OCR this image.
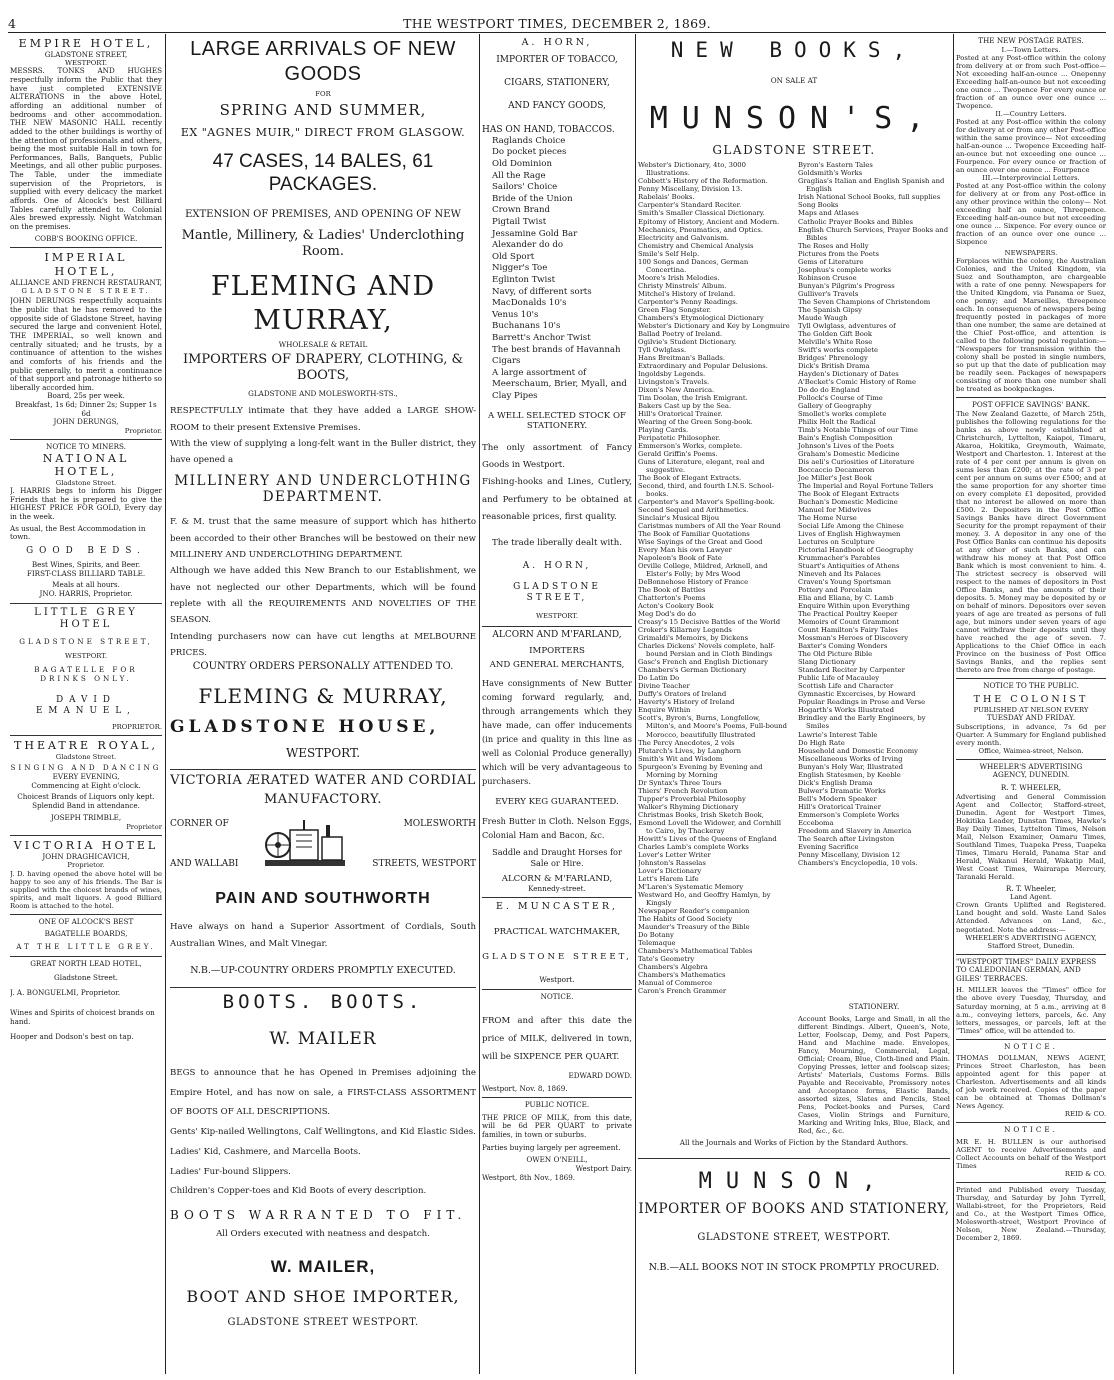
4	THE WESTPORT TIMES, DECEMBER 2, 1869.
EMPIRE HOTEL,
GLADSTONE STREET,
WESTPORT.
MESSRS. TONKS AND HUGHES respectfully inform the Public that they have just completed EXTENSIVE ALTERATIONS in the above Hotel, affording an additional number of bedrooms and other accommodation. THE NEW MASONIC HALL recently added to the other buildings is worthy of the attention of professionals and others, being the most suitable Hall in town for Performances, Balls, Banquets, Public Meetings, and all other public purposes. The Table, under the immediate supervision of the Proprietors, is supplied with every delicacy the market affords. One of Alcock's best Billiard Tables carefully attended to. Colonial Ales brewed expressly. Night Watchman on the premises.
COBB'S BOOKING OFFICE.
IMPERIAL HOTEL,
ALLIANCE AND FRENCH RESTAURANT,
GLADSTONE STREET.
JOHN DERUNGS respectfully acquaints the public that he has removed to the opposite side of Gladstone Street, having secured the large and convenient Hotel, THE IMPERIAL, so well known and centrally situated; and he trusts, by a continuance of attention to the wishes and comforts of his friends and the public generally, to merit a continuance of that support and patronage hitherto so liberally accorded him.
Board, 25s per week.
Breakfast, 1s 6d; Dinner 2s; Supper 1s 6d
JOHN DERUNGS,
Proprietor.
NOTICE TO MINERS.
NATIONAL HOTEL,
Gladstone Street.
J. HARRIS begs to inform his Digger Friends that he is prepared to give the HIGHEST PRICE FOR GOLD, Every day in the week.
As usual, the Best Accommodation in town.
GOOD BEDS.
Best Wines, Spirits, and Beer.
FIRST-CLASS BILLIARD TABLE.
Meals at all hours.
JNO. HARRIS, Proprietor.
LITTLE GREY HOTEL
GLADSTONE STREET,
WESTPORT.
BAGATELLE FOR DRINKS ONLY.
DAVID EMANUEL,
PROPRIETOR.
THEATRE ROYAL,
Gladstone Street.
SINGING AND DANCING
EVERY EVENING,
Commencing at Eight o'clock.
Choicest Brands of Liquors only kept. Splendid Band in attendance.
JOSEPH TRIMBLE,
Proprietor
VICTORIA HOTEL
JOHN DRAGHICAVICH,
Proprietor.
J. D. having opened the above hotel will be happy to see any of his friends. The Bar is supplied with the choicest brands of wines, spirits, and malt liquors. A good Billiard Room is attached to the hotel.
ONE OF ALCOCK'S BEST
BAGATELLE BOARDS,
AT THE LITTLE GREY.
GREAT NORTH LEAD HOTEL,
Gladstone Street.
J. A. BONGUELMI, Proprietor.
Wines and Spirits of choicest brands on hand.
Hooper and Dodson's best on tap.
LARGE ARRIVALS OF NEW GOODS
FOR
SPRING AND SUMMER,
EX "AGNES MUIR," DIRECT FROM GLASGOW.
47 CASES, 14 BALES, 61 PACKAGES.
EXTENSION OF PREMISES, AND OPENING OF NEW
Mantle, Millinery, & Ladies' Underclothing Room.
FLEMING AND MURRAY,
WHOLESALE & RETAIL
IMPORTERS OF DRAPERY, CLOTHING, & BOOTS,
GLADSTONE AND MOLESWORTH-STS.,
RESPECTFULLY intimate that they have added a LARGE SHOW-ROOM to their present Extensive Premises.
With the view of supplying a long-felt want in the Buller district, they have opened a
MILLINERY AND UNDERCLOTHING
DEPARTMENT.
F. & M. trust that the same measure of support which has hitherto been accorded to their other Branches will be bestowed on their new MILLINERY AND UNDERCLOTHING DEPARTMENT.
Although we have added this New Branch to our Establishment, we have not neglected our other Departments, which will be found replete with all the REQUIREMENTS AND NOVELTIES OF THE SEASON.
Intending purchasers now can have cut lengths at MELBOURNE PRICES.
COUNTRY ORDERS PERSONALLY ATTENDED TO.
FLEMING & MURRAY,
GLADSTONE HOUSE,
WESTPORT.
VICTORIA ÆRATED WATER AND CORDIAL
MANUFACTORY.
CORNER OF
AND WALLABI
MOLESWORTH
STREETS, WESTPORT
PAIN AND SOUTHWORTH
Have always on hand a Superior Assortment of Cordials, South Australian Wines, and Malt Vinegar.
N.B.—UP-COUNTRY ORDERS PROMPTLY EXECUTED.
BOOTS. BOOTS.
W. MAILER
BEGS to announce that he has Opened in Premises adjoining the Empire Hotel, and has now on sale, a FIRST-CLASS ASSORTMENT OF BOOTS OF ALL DESCRIPTIONS.
Gents' Kip-nailed Wellingtons, Calf Wellingtons, and Kid Elastic Sides.
Ladies' Kid, Cashmere, and Marcella Boots.
Ladies' Fur-bound Slippers.
Children's Copper-toes and Kid Boots of every description.
BOOTS WARRANTED TO FIT.
All Orders executed with neatness and despatch.
W. MAILER,
BOOT AND SHOE IMPORTER,
GLADSTONE STREET WESTPORT.
A. HORN,
IMPORTER OF TOBACCO,
CIGARS, STATIONERY,
AND FANCY GOODS,
HAS ON HAND, TOBACCOS.
Raglands Choice
Do pocket pieces
Old Dominion
All the Rage
Sailors' Choice
Bride of the Union
Crown Brand
Pigtail Twist
Jessamine Gold Bar
Alexander do do
Old Sport
Nigger's Toe
Eglinton Twist
Navy, of different sorts
MacDonalds 10's
Venus 10's
Buchanans 10's
Barrett's Anchor Twist
The best brands of Havannah Cigars
A large assortment of Meerschaum, Brier, Myall, and Clay Pipes
A WELL SELECTED STOCK OF STATIONERY.
The only assortment of Fancy Goods in Westport.
Fishing-hooks and Lines, Cutlery, and Perfumery to be obtained at reasonable prices, first quality.
The trade liberally dealt with.
A. HORN,
GLADSTONE STREET,
WESTPORT.
ALCORN AND M'FARLAND,
IMPORTERS
AND GENERAL MERCHANTS,
Have consignments of New Butter coming forward regularly, and, through arrangements which they have made, can offer inducements (in price and quality in this line as well as Colonial Produce generally) which will be very advantageous to purchasers.
EVERY KEG GUARANTEED.
Fresh Butter in Cloth. Nelson Eggs, Colonial Ham and Bacon, &c.
Saddle and Draught Horses for Sale or Hire.
ALCORN & M'FARLAND,
Kennedy-street.
E. MUNCASTER,
PRACTICAL WATCHMAKER,
GLADSTONE STREET,
Westport.
NOTICE.
FROM and after this date the price of MILK, delivered in town, will be SIXPENCE PER QUART.
EDWARD DOWD.
Westport, Nov. 8, 1869.
PUBLIC NOTICE.
THE PRICE OF MILK, from this date, will be 6d PER QUART to private families, in town or suburbs.
Parties buying largely per agreement.
OWEN O'NEILL,
Westport Dairy.
Westport, 8th Nov., 1869.
NEW BOOKS,
ON SALE AT
MUNSON'S,
GLADSTONE STREET.
Webster's Dictionary, 4to, 3000 Illustrations.
Cobbett's History of the Reformation.
Penny Miscellany, Division 13.
Rabelais' Books.
Carpenter's Standard Reciter.
Smith's Smaller Classical Dictionary.
Epitomy of History, Ancient and Modern.
Mechanics, Pneumatics, and Optics.
Electricity and Galvanism.
Chemistry and Chemical Analysis
Smile's Self Help.
100 Songs and Dances, German Concertina.
Moore's Irish Melodies.
Christy Minstrels' Album.
Mitchel's History of Ireland.
Carpenter's Penny Readings.
Green Flag Songster.
Chambers's Etymological Dictionary
Webster's Dictionary and Key by Longmuire
Ballad Poetry of Ireland.
Ogilvie's Student Dictionary.
Tyll Owlglass.
Hans Breitman's Ballads.
Extraordinary and Popular Delusions.
Ingoldsby Legends.
Livingston's Travels.
Dixon's New America.
Tim Doolan, the Irish Emigrant.
Bakers Cast up by the Sea.
Hill's Oratorical Trainer.
Wearing of the Green Song-book.
Playing Cards.
Peripatetic Philosopher.
Emmerson's Works, complete.
Gerald Griffin's Poems.
Guns of Literature, elegant, real and suggestive.
The Book of Elegant Extracts.
Second, third, and fourth I.N.S. School-books.
Carpenter's and Mavor's Spelling-book.
Second Sequel and Arithmetics.
Sinclair's Musical Bijou
Caristmas numbers of All the Year Round
The Book of Familiar Quotations
Wise Sayings of the Great and Good
Every Man his own Lawyer
Napoleon's Book of Fate
Orville College, Mildred, Arknell, and Elster's Folly; by Mrs Wood
DeBonnehose History of France
The Book of Battles
Chatterton's Poems
Acton's Cookery Book
Meg Dod's do do
Creasy's 15 Decisive Battles of the World
Croker's Killarney Legends
Grimaldi's Memoirs, by Dickens
Charles Dickens' Novels complete, half-bound Persian and in Cloth Bindings
Gasc's French and English Dictionary
Chambers's German Dictionary
Do Latin Do
Divine Teacher
Duffy's Orators of Ireland
Haverty's History of Ireland
Enquire Within
Scott's, Byron's, Burns, Longfellow, Milton's, and Moore's Poems, Full-bound Morocco, beautifully Illustrated
The Percy Anecdotes, 2 vols
Plutarch's Lives, by Langhorn
Smith's Wit and Wisdom
Spurgeon's Evening by Evening and Morning by Morning
Dr Syntax's Three Tours
Thiers' French Revolution
Tupper's Proverbial Philosophy
Walker's Rhyming Dictionary
Christmas Books, Irish Sketch Book,
Esmond Lovell the Widower, and Cornhill to Cairo, by Thackeray
Howitt's Lives of the Queens of England
Charles Lamb's complete Works
Lover's Letter Writer
Johnston's Rasselas
Lover's Dictionary
Lett's Harem Life
M'Laren's Systematic Memory
Westward Ho, and Geoffry Hamlyn, by Kingsly
Newspaper Reader's companion
The Habits of Good Society
Maunder's Treasury of the Bible
Do Botany
Telemaque
Chambers's Mathematical Tables
Tate's Geometry
Chambers's Algebra
Chambers's Mathematics
Manual of Commerce
Caron's French Grammer
Byron's Eastern Tales
Goldsmith's Works
Graglias's Italian and English Spanish and English
Irish National School Books, full supplies
Song Books
Maps and Atlases
Catholic Prayer Books and Bibles
English Church Services, Prayer Books and Bibles
The Roses and Holly
Pictures from the Poets
Gems of Literature
Josephus's complete works
Robinson Crusoe
Bunyan's Pilgrim's Progress
Gulliver's Travels
The Seven Champions of Christendom
The Spanish Gipsy
Maude Waugh
Tyll Owlglass, adventures of
The Golden Gift Book
Melville's White Rose
Swift's works complete
Bridges' Phrenology
Dick's British Drama
Hayden's Dictionary of Dates
A'Becket's Comic History of Rome
Do do do England
Pollock's Course of Time
Gallery of Geography
Smollet's works complete
Philix Holt the Radical
Timb's Notable Things of our Time
Bain's English Composition
Johnson's Lives of the Poets
Graham's Domestic Medicine
Dis aeli's Curiosities of Literature
Boccaccio Decameron
Joe Miller's Jest Book
The Imperial and Royal Fortune Tellers
The Book of Elegant Extracts
Buchan's Domestic Medicine
Manuel for Midwives
The Home Nurse
Social Life Among the Chinese
Lives of English Highwaymen
Lectures on Sculpture
Pictorial Handbook of Geography
Krummacher's Parables
Stuart's Antiquities of Athens
Nineveh and Its Palaces
Craven's Young Sportsman
Pottery and Porcelain
Elia and Eliana, by C. Lamb
Enquire Within upon Everything
The Practical Poultry Keeper
Memoirs of Count Grammont
Count Hamilton's Fairy Tales
Mossman's Heroes of Discovery
Baxter's Coming Wonders
The Old Picture Bible
Slang Dictionary
Standard Reciter by Carpenter
Public Life of Macauley
Scottish Life and Character
Gymnastic Excercises, by Howard
Popular Readings in Prose and Verse
Hogarth's Works Illustrated
Brindley and the Early Engineers, by Smiles
Lawrie's Interest Table
Do High Rate
Household and Domestic Economy
Miscellaneous Works of Irving
Bunyan's Holy War, Illustrated
English Statesmen, by Keeble
Dick's English Drama
Bulwer's Dramatic Works
Bell's Modern Speaker
Hill's Oratorical Trainer
Emmerson's Complete Works
Ecceboma
Freedom and Slavery in America
The Search after Livingston
Evening Sacrifice
Penny Miscellany, Division 12
Chambers's Encyclopedia, 10 vols.
STATIONERY.
Account Books, Large and Small, in all the different Bindings. Albert, Queen's, Note, Letter, Foolscap, Demy, and Post Papers, Hand and Machine made. Envelopes, Fancy, Mourning, Commercial, Legal, Official; Cream, Blue, Cloth-lined and Plain. Copying Presses, letter and foolscap sizes; Artists' Materials, Customs Forms. Bills Payable and Receivable, Promissory notes and Acceptance forms, Elastic Bands, assorted sizes, Slates and Pencils, Steel Pens, Pocket-books and Purses, Card Cases, Violin Strings and Furniture, Marking and Writing Inks, Blue, Black, and Red, &c., &c.
All the Journals and Works of Fiction by the Standard Authors.
MUNSON,
IMPORTER OF BOOKS AND STATIONERY,
GLADSTONE STREET, WESTPORT.
N.B.—ALL BOOKS NOT IN STOCK PROMPTLY PROCURED.
THE NEW POSTAGE RATES.
I.—Town Letters.
Posted at any Post-office within the colony from delivery at or from such Post-office— Not exceeding half-an-ounce ... Onepenny Exceeding half-an-ounce but not exceeding one ounce ... Twopence For every ounce or fraction of an ounce over one ounce ... Twopence.
II.—Country Letters.
Posted at any Post-office within the colony for delivery at or from any other Post-office within the same province— Not exceeding half-an-ounce ... Twopence Exceeding half-an-ounce but not exceeding one ounce ... Fourpence. For every ounce or fraction of an ounce over one ounce ... Fourpence
III.—Interprovincial Letters.
Posted at any Post-office within the colony for delivery at or from any Post-office in any other province within the colony— Not exceeding half an ounce, Threepence. Exceeding half-an-ounce but not exceeding one ounce ... Sixpence. For every ounce or fraction of an ounce over one ounce ... Sixpence
NEWSPAPERS.
Forplaces within the colony, the Australian Colonies, and the United Kingdom, via Suez and Southampton, are chargeable with a rate of one penny. Newspapers for the United Kingdom, via Panama or Suez, one penny; and Marseilles, threepence each. In consequence of newspapers being frequently posted in packages of more than one number, the same are detained at the Chief Post-office, and attention is called to the following postal regulation:— "Newspapers for transmission within the colony shall be posted in single numbers, so put up that the date of publication may be readily seen. Packages of newspapers consisting of more than one number shall be treated as bookpackages.
POST OFFICE SAVINGS' BANK.
The New Zealand Gazette, of March 25th, publishes the following regulations for the banks as above newly established at Christchurch, Lyttelton, Kaiapoi, Timaru, Akaroa, Hokitika, Greymouth, Waimate, Westport and Charleston. 1. Interest at the rate of 4 per cent per annum is given on sums less than £200; at the rate of 3 per cent per annum on sums over £500; and at the same proportion for any shorter time on every complete £1 deposited, provided that no interest be allowed on more than £500. 2. Depositors in the Post Office Savings Banks have direct Government Security for the prompt repayment of their money. 3. A depositor in any one of the Post Office Banks can continue his deposits at any other of such Banks, and can withdraw his money at that Post Office Bank which is most convenient to him. 4. The strictest secrecy is observed will respect to the names of depositors in Post Office Banks, and the amounts of their deposits. 5. Money may be deposited by or on behalf of minors. Depositors over seven years of age are treated as persons of full age, but minors under seven years of age cannot withdraw their deposits until they have reached the age of seven. 7. Applications to the Chief Office in each Province on the business of Post Office Savings Banks, and the replies sent thereto are free from charge of postage.
NOTICE TO THE PUBLIC.
THE COLONIST
PUBLISHED AT NELSON EVERY
TUESDAY AND FRIDAY.
Subscriptions, in advance, 7s 6d per Quarter. A Summary for England published every month.
Office, Waimea-street, Nelson.
WHEELER'S ADVERTISING
AGENCY, DUNEDIN.
R. T. WHEELER,
Advertising and General Commission Agent and Collector, Stafford-street, Dunedin. Agent for Westport Times, Hokitika Leader, Dunstan Times, Hawke's Bay Daily Times, Lyttelton Times, Nelson Mail, Nelson Examiner, Oamaru Times, Southland Times, Tuapeka Press, Tuapeka Times, Timaru Herald, Panama Star and Herald, Wakanui Herald, Wakatip Mail, West Coast Times, Wairarapa Mercury, Taranaki Herald.
R. T. Wheeler,
Land Agent.
Crown Grants Uplifted and Registered. Land bought and sold. Waste Land Sales Attended. Advances on Land, &c., negotiated. Note the address:—
WHEELER'S ADVERTISING AGENCY,
Stafford Street, Dunedin.
"WESTPORT TIMES" DAILY EXPRESS TO CALEDONIAN GERMAN, AND GILES' TERRACES.
H. MILLER leaves the "Times" office for the above every Tuesday, Thursday, and Saturday morning, at 5 a.m., arriving at 8 a.m., conveying letters, parcels, &c. Any letters, messages, or parcels, left at the "Times" office, will be attended to.
NOTICE.
THOMAS DOLLMAN, NEWS AGENT, Princes Street Charleston, has been appointed agent for this paper at Charleston. Advertisements and all kinds of job work received. Copies of the paper can be obtained at Thomas Dollman's News Agency.
REID & CO.
NOTICE.
MR E. H. BULLEN is our authorised AGENT to receive Advertisements and Collect Accounts on behalf of the Westport Times
REID & CO.
Printed and Published every Tuesday, Thursday, and Saturday by John Tyrrell, Wallabi-street, for the Proprietors, Reid and Co., at the Westport Times Office, Molesworth-street, Westport Province of Nelson, New Zealand.—Thursday, December 2, 1869.
